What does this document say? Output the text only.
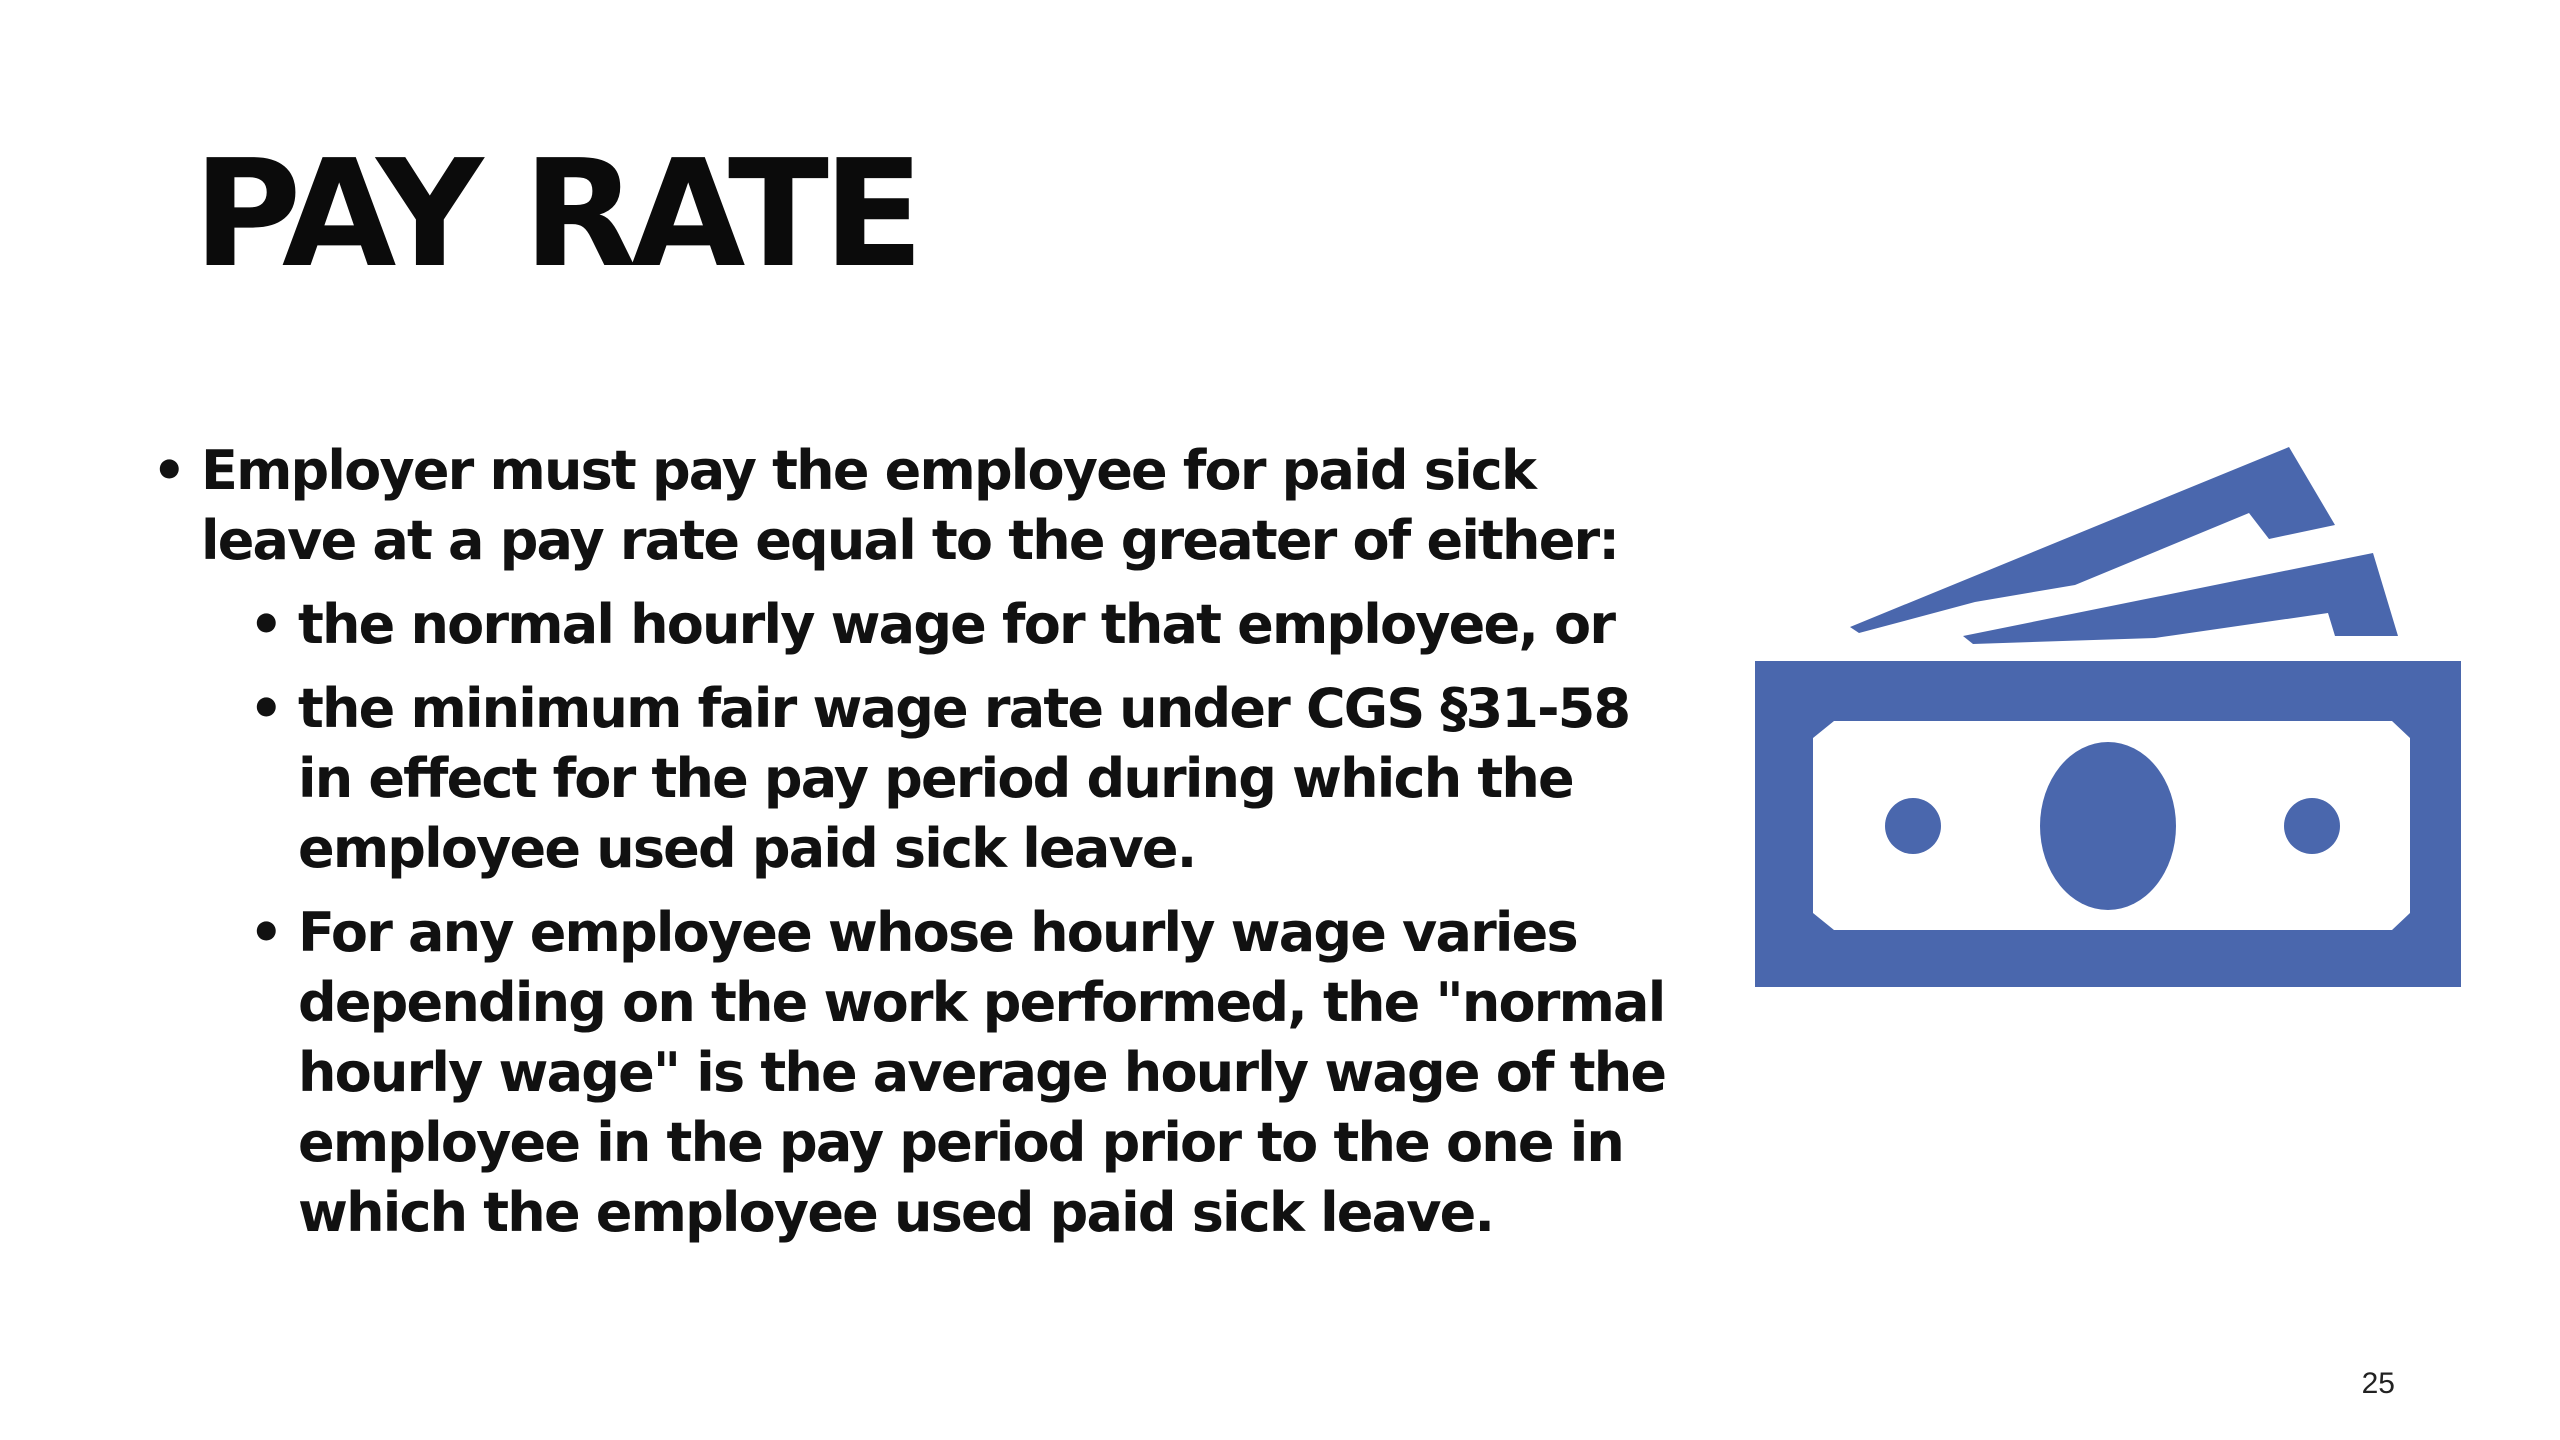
PAY RATE

• Employer must pay the employee for paid sick leave at a pay rate equal to the greater of either:

• the normal hourly wage for that employee, or

• the minimum fair wage rate under CGS §31-58 in effect for the pay period during which the employee used paid sick leave.

• For any employee whose hourly wage varies depending on the work performed, the "normal hourly wage" is the average hourly wage of the employee in the pay period prior to the one in which the employee used paid sick leave.

25
